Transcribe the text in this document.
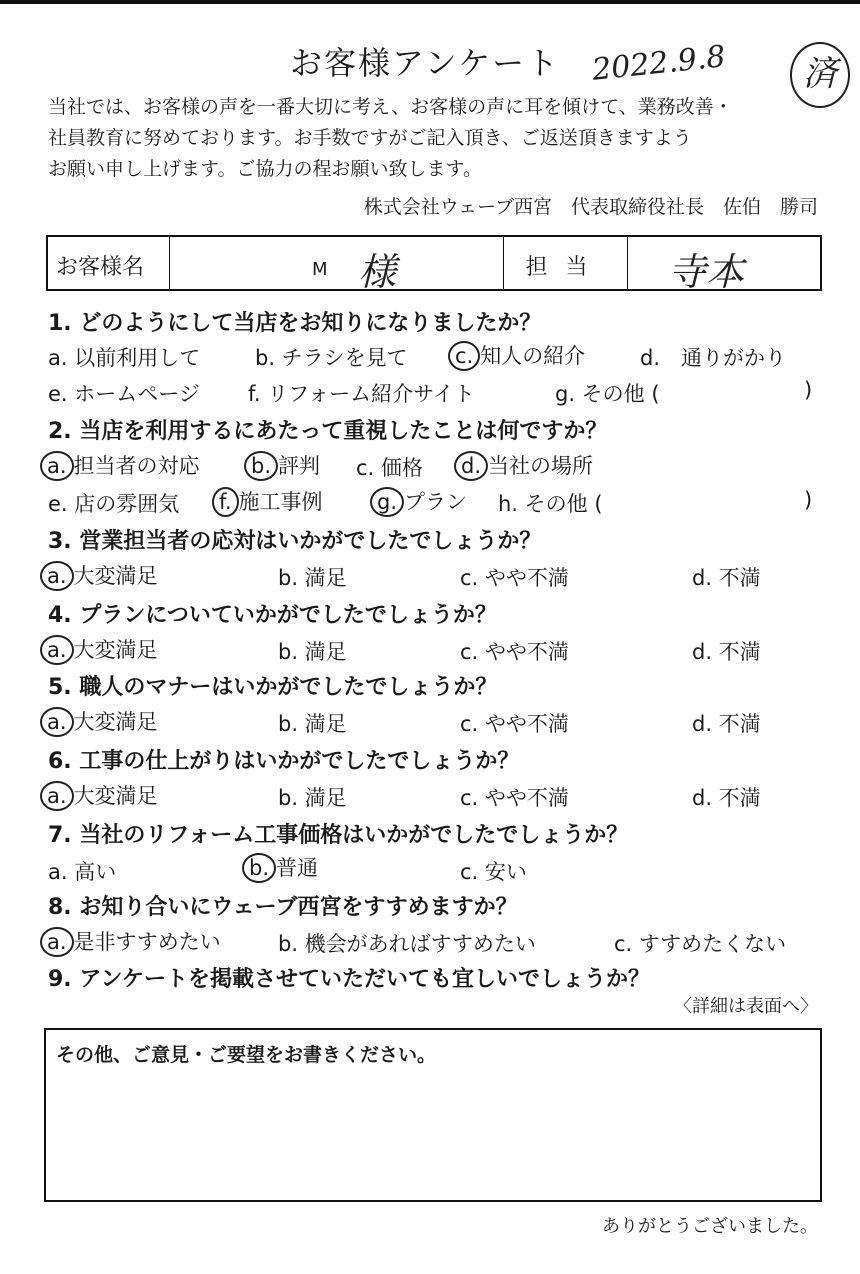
お客様アンケート 2022.9.8	済
当社では、お客様の声を一番大切に考え、お客様の声に耳を傾けて、業務改善・
社員教育に努めております。お手数ですがご記入頂き、ご返送頂きますよう
お願い申し上げます。ご協力の程お願い致します。
株式会社ウェーブ西宮　代表取締役社長　佐伯　勝司
お客様名	M 様	担当	寺本
1. どのようにして当店をお知りになりましたか？
a. 以前利用して	b. チラシを見て	c. 知人の紹介	d.　通りがかり
e. ホームページ f. リフォーム紹介サイト	g. その他 (	)
2. 当店を利用するにあたって重視したことは何ですか？
a. 担当者の対応	b. 評判 c. 価格	d. 当社の場所
e. 店の雰囲気	f. 施工事例	g. プラン h. その他 (	)
3. 営業担当者の応対はいかがでしたでしょうか？
a. 大変満足	b. 満足	c. やや不満	d. 不満
4. プランについていかがでしたでしょうか？
a. 大変満足	b. 満足	c. やや不満	d. 不満
5. 職人のマナーはいかがでしたでしょうか？
a. 大変満足	b. 満足	c. やや不満	d. 不満
6. 工事の仕上がりはいかがでしたでしょうか？
a. 大変満足	b. 満足	c. やや不満	d. 不満
7. 当社のリフォーム工事価格はいかがでしたでしょうか？
a. 高い	b. 普通	c. 安い
8. お知り合いにウェーブ西宮をすすめますか？
a. 是非すすめたい	b. 機会があればすすめたい	c. すすめたくない
9. アンケートを掲載させていただいても宜しいでしょうか？
〈詳細は表面へ〉
その他、ご意見・ご要望をお書きください。
ありがとうございました。
